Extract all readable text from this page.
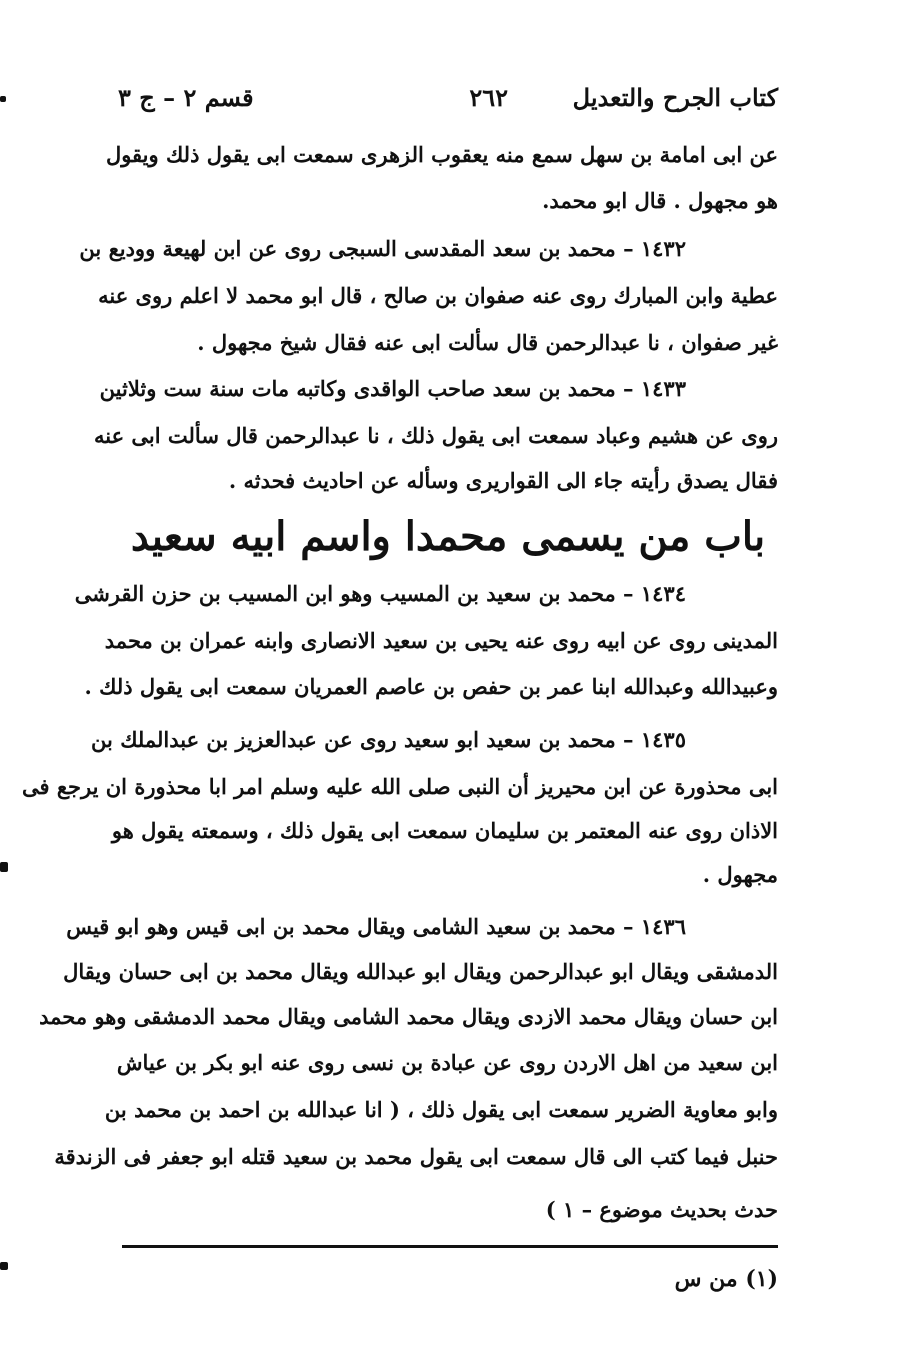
كتاب الجرح والتعديل
٢٦٢
قسم ٢ – ج ٣
عن ابى امامة بن سهل سمع منه يعقوب الزهرى سمعت ابى يقول ذلك ويقول
هو مجهول . قال ابو محمد.
١٤٣٢ – محمد بن سعد المقدسى السبجى روى عن ابن لهيعة ووديع بن
عطية وابن المبارك روى عنه صفوان بن صالح ، قال ابو محمد لا اعلم روى عنه
غير صفوان ، نا عبدالرحمن قال سألت ابى عنه فقال شيخ مجهول .
١٤٣٣ – محمد بن سعد صاحب الواقدى وكاتبه مات سنة ست وثلاثين
روى عن هشيم وعباد سمعت ابى يقول ذلك ، نا عبدالرحمن قال سألت ابى عنه
فقال يصدق رأيته جاء الى القواريرى وسأله عن احاديث فحدثه .
باب من يسمى محمدا واسم ابيه سعيد
١٤٣٤ – محمد بن سعيد بن المسيب وهو ابن المسيب بن حزن القرشى
المدينى روى عن ابيه روى عنه يحيى بن سعيد الانصارى وابنه عمران بن محمد
وعبيدالله وعبدالله ابنا عمر بن حفص بن عاصم العمريان سمعت ابى يقول ذلك .
١٤٣٥ – محمد بن سعيد ابو سعيد روى عن عبدالعزيز بن عبدالملك بن
ابى محذورة عن ابن محيريز أن النبى صلى الله عليه وسلم امر ابا محذورة ان يرجع فى
الاذان روى عنه المعتمر بن سليمان سمعت ابى يقول ذلك ، وسمعته يقول هو
مجهول .
١٤٣٦ – محمد بن سعيد الشامى ويقال محمد بن ابى قيس وهو ابو قيس
الدمشقى ويقال ابو عبدالرحمن ويقال ابو عبدالله ويقال محمد بن ابى حسان ويقال
ابن حسان ويقال محمد الازدى ويقال محمد الشامى ويقال محمد الدمشقى وهو محمد
ابن سعيد من اهل الاردن روى عن عبادة بن نسى روى عنه ابو بكر بن عياش
وابو معاوية الضرير سمعت ابى يقول ذلك ، ( انا عبدالله بن احمد بن محمد بن
حنبل فيما كتب الى قال سمعت ابى يقول محمد بن سعيد قتله ابو جعفر فى الزندقة
حدث بحديث موضوع – ١ )
(١) من س
